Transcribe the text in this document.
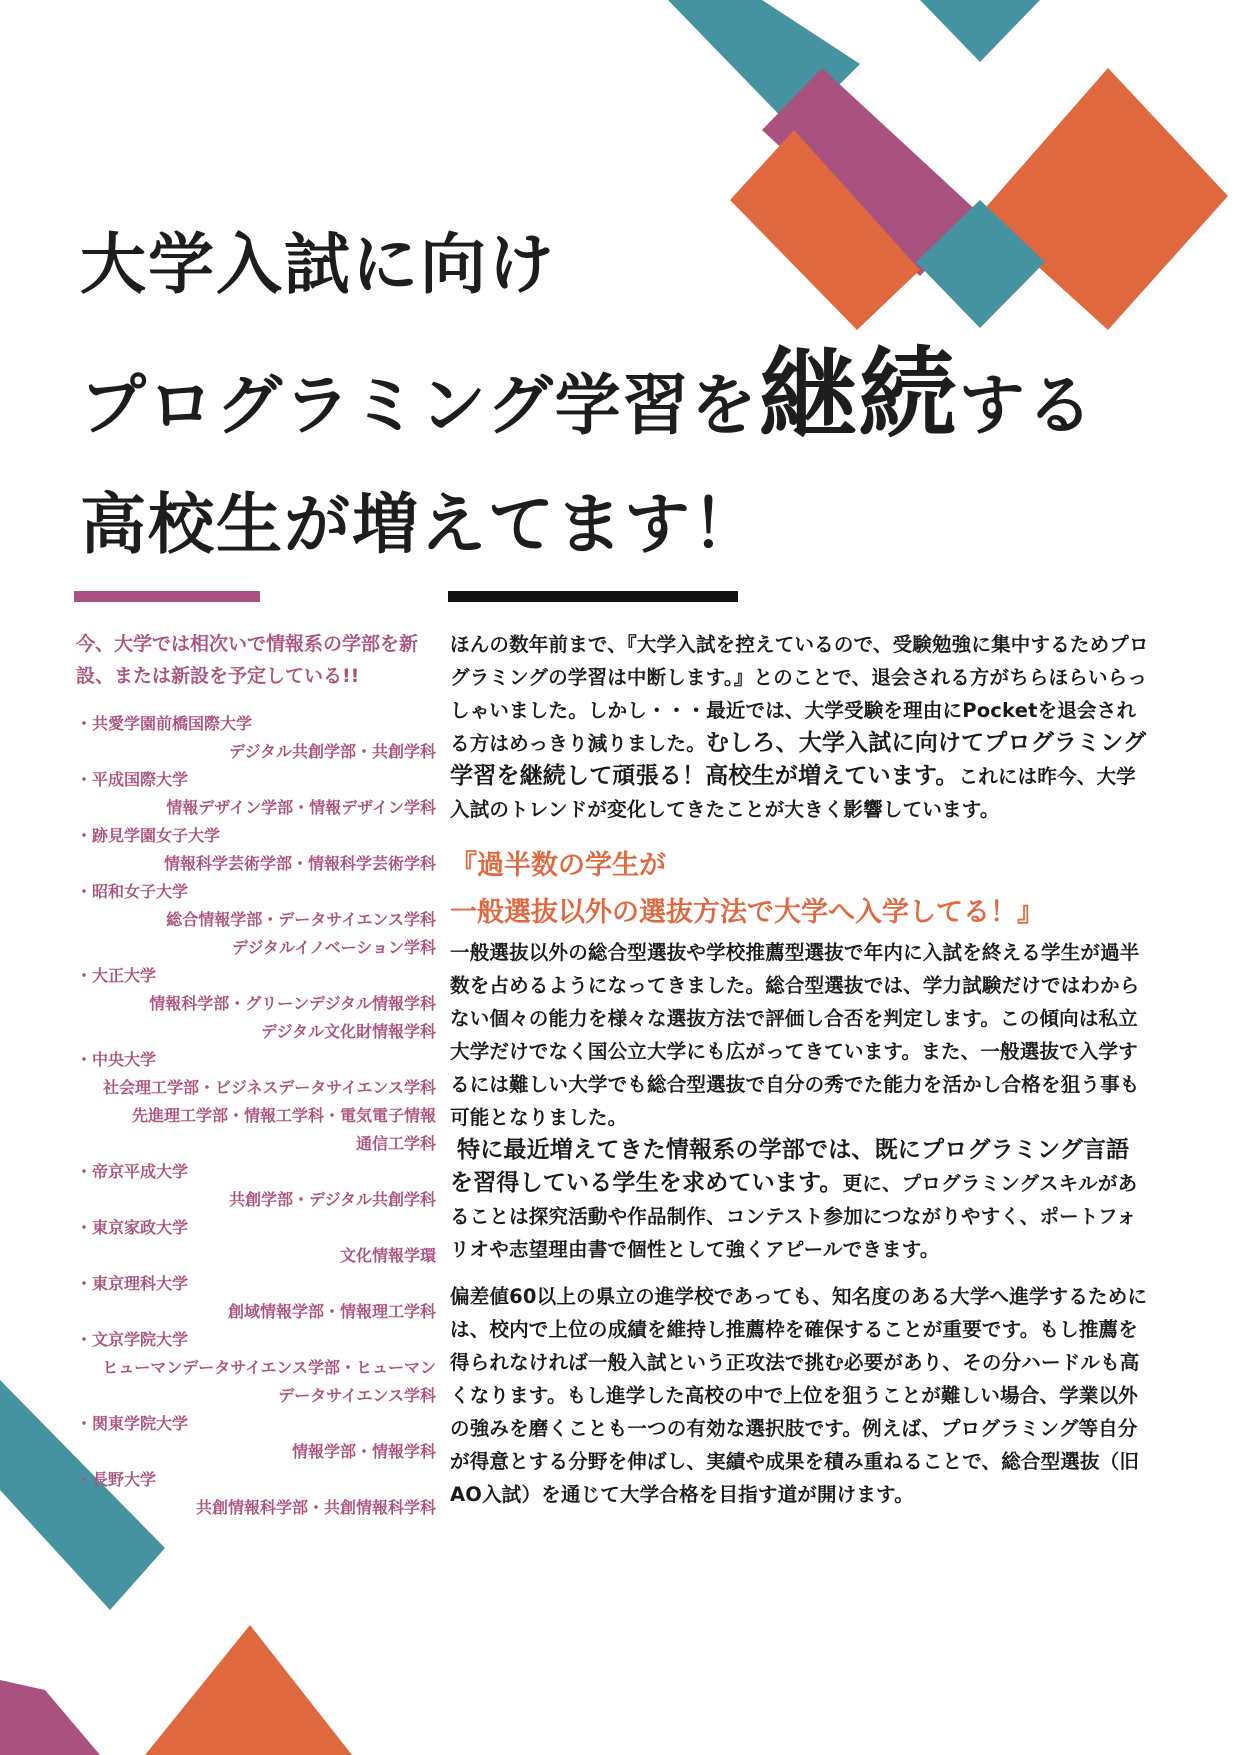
大学入試に向け
プログラミング学習を継続する
高校生が増えてます！
今、大学では相次いで情報系の学部を新設、または新設を予定している!!
・共愛学園前橋国際大学
デジタル共創学部・共創学科
・平成国際大学
情報デザイン学部・情報デザイン学科
・跡見学園女子大学
情報科学芸術学部・情報科学芸術学科
・昭和女子大学
総合情報学部・データサイエンス学科
デジタルイノベーション学科
・大正大学
情報科学部・グリーンデジタル情報学科
デジタル文化財情報学科
・中央大学
社会理工学部・ビジネスデータサイエンス学科
先進理工学部・情報工学科・電気電子情報
通信工学科
・帝京平成大学
共創学部・デジタル共創学科
・東京家政大学
文化情報学環
・東京理科大学
創域情報学部・情報理工学科
・文京学院大学
ヒューマンデータサイエンス学部・ヒューマン
データサイエンス学科
・関東学院大学
情報学部・情報学科
・長野大学
共創情報科学部・共創情報科学科

ほんの数年前まで、『大学入試を控えているので、受験勉強に集中するためプログラミングの学習は中断します。』とのことで、退会される方がちらほらいらっしゃいました。しかし・・・最近では、大学受験を理由にPocketを退会される方はめっきり減りました。むしろ、大学入試に向けてプログラミング学習を継続して頑張る！高校生が増えています。これには昨今、大学入試のトレンドが変化してきたことが大きく影響しています。

『過半数の学生が
一般選抜以外の選抜方法で大学へ入学してる！』

一般選抜以外の総合型選抜や学校推薦型選抜で年内に入試を終える学生が過半数を占めるようになってきました。総合型選抜では、学力試験だけではわからない個々の能力を様々な選抜方法で評価し合否を判定します。この傾向は私立大学だけでなく国公立大学にも広がってきています。また、一般選抜で入学するには難しい大学でも総合型選抜で自分の秀でた能力を活かし合格を狙う事も可能となりました。

特に最近増えてきた情報系の学部では、既にプログラミング言語を習得している学生を求めています。更に、プログラミングスキルがあることは探究活動や作品制作、コンテスト参加につながりやすく、ポートフォリオや志望理由書で個性として強くアピールできます。

偏差値60以上の県立の進学校であっても、知名度のある大学へ進学するためには、校内で上位の成績を維持し推薦枠を確保することが重要です。もし推薦を得られなければ一般入試という正攻法で挑む必要があり、その分ハードルも高くなります。もし進学した高校の中で上位を狙うことが難しい場合、学業以外の強みを磨くことも一つの有効な選択肢です。例えば、プログラミング等自分が得意とする分野を伸ばし、実績や成果を積み重ねることで、総合型選抜（旧AO入試）を通じて大学合格を目指す道が開けます。
